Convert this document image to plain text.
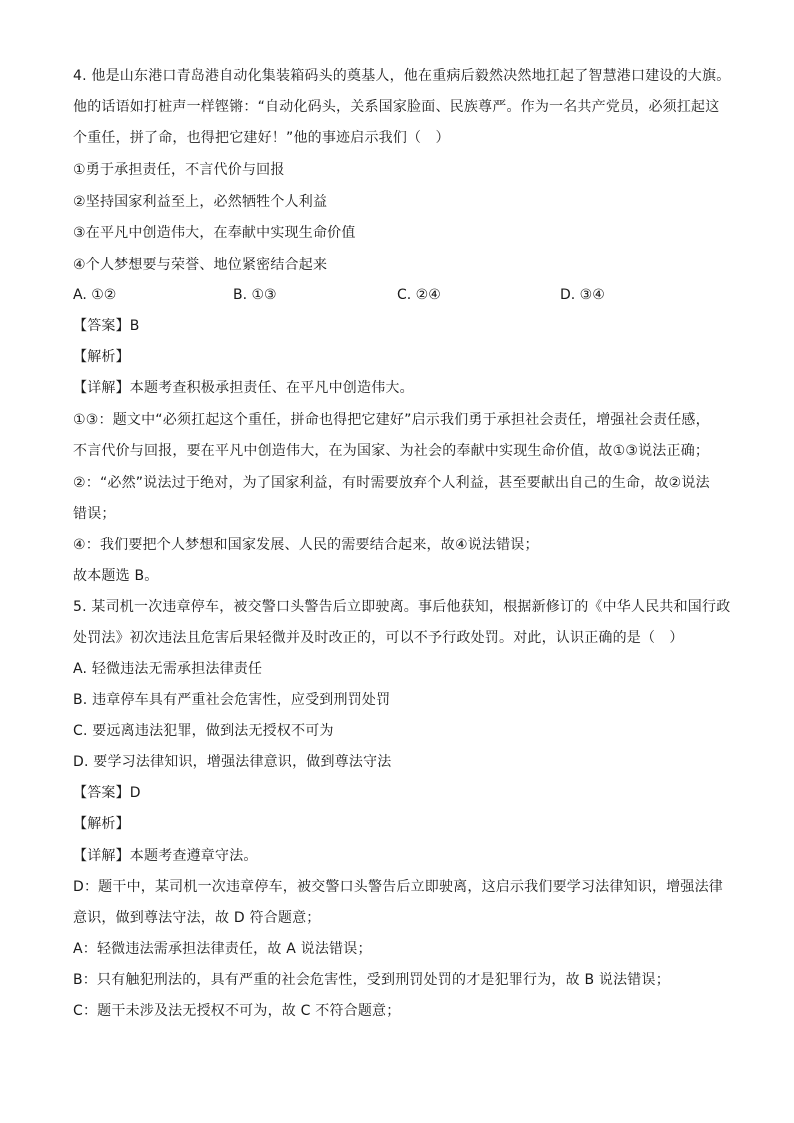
4. 他是山东港口青岛港自动化集装箱码头的奠基人，他在重病后毅然决然地扛起了智慧港口建设的大旗。
他的话语如打桩声一样铿锵：“自动化码头，关系国家脸面、民族尊严。作为一名共产党员，必须扛起这
个重任，拼了命，也得把它建好！”他的事迹启示我们（　）
①勇于承担责任，不言代价与回报
②坚持国家利益至上，必然牺牲个人利益
③在平凡中创造伟大，在奉献中实现生命价值
④个人梦想要与荣誉、地位紧密结合起来
A. ①②	B. ①③	C. ②④	D. ③④
【答案】B
【解析】
【详解】本题考查积极承担责任、在平凡中创造伟大。
①③：题文中“必须扛起这个重任，拼命也得把它建好”启示我们勇于承担社会责任，增强社会责任感，
不言代价与回报，要在平凡中创造伟大，在为国家、为社会的奉献中实现生命价值，故①③说法正确；
②：“必然”说法过于绝对，为了国家利益，有时需要放弃个人利益，甚至要献出自己的生命，故②说法
错误；
④：我们要把个人梦想和国家发展、人民的需要结合起来，故④说法错误；
故本题选 B。
5. 某司机一次违章停车，被交警口头警告后立即驶离。事后他获知，根据新修订的《中华人民共和国行政
处罚法》初次违法且危害后果轻微并及时改正的，可以不予行政处罚。对此，认识正确的是（　）
A. 轻微违法无需承担法律责任
B. 违章停车具有严重社会危害性，应受到刑罚处罚
C. 要远离违法犯罪，做到法无授权不可为
D. 要学习法律知识，增强法律意识，做到尊法守法
【答案】D
【解析】
【详解】本题考查遵章守法。
D：题干中，某司机一次违章停车，被交警口头警告后立即驶离，这启示我们要学习法律知识，增强法律
意识，做到尊法守法，故 D 符合题意；
A：轻微违法需承担法律责任，故 A 说法错误；
B：只有触犯刑法的，具有严重的社会危害性，受到刑罚处罚的才是犯罪行为，故 B 说法错误；
C：题干未涉及法无授权不可为，故 C 不符合题意；
